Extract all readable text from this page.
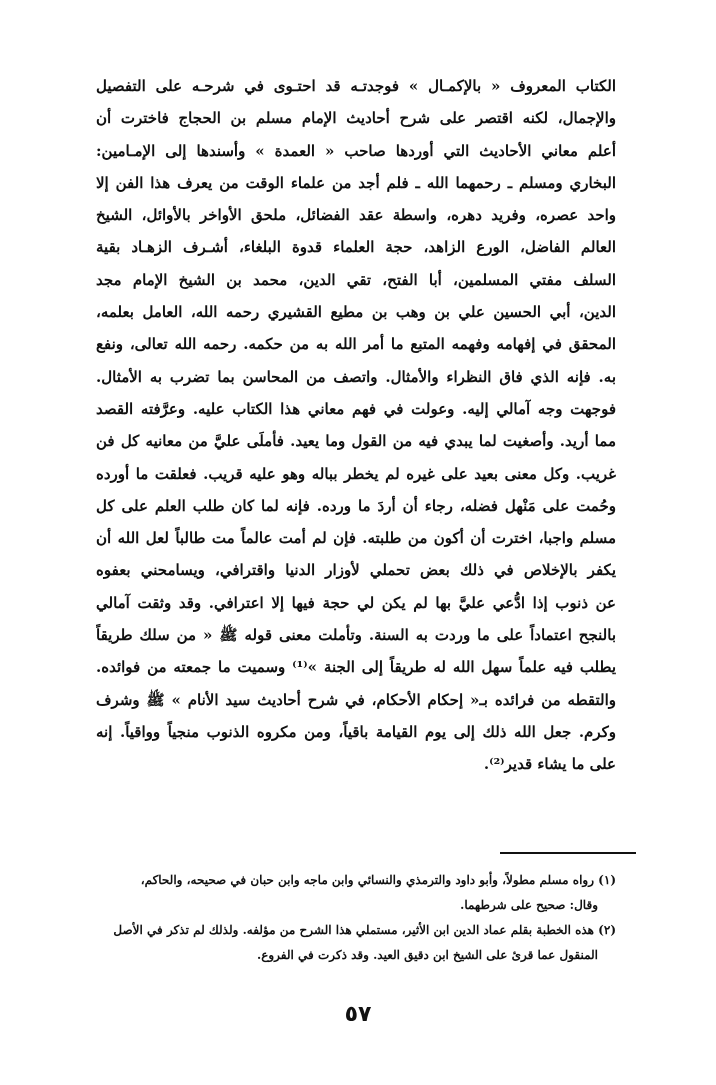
الكتاب المعروف « بالإكمـال » فوجدتـه قد احتـوى في شرحـه على التفصيل
والإجمال، لكنه اقتصر على شرح أحاديث الإمام مسلم بن الحجاج فاخترت أن
أعلم معاني الأحاديث التي أوردها صاحب « العمدة » وأسندها إلى الإمـامين:
البخاري ومسلم ـ رحمهما الله ـ فلم أجد من علماء الوقت من يعرف هذا الفن إلا
واحد عصره، وفريد دهره، واسطة عقد الفضائل، ملحق الأواخر بالأوائل، الشيخ
العالم الفاضل، الورع الزاهد، حجة العلماء قدوة البلغاء، أشـرف الزهـاد بقية
السلف مفتي المسلمين، أبا الفتح، تقي الدين، محمد بن الشيخ الإمام مجد
الدين، أبي الحسين علي بن وهب بن مطيع القشيري رحمه الله، العامل بعلمه،
المحقق في إفهامه وفهمه المتبع ما أمر الله به من حكمه. رحمه الله تعالى، ونفع
به. فإنه الذي فاق النظراء والأمثال. واتصف من المحاسن بما تضرب به الأمثال.
فوجهت وجه آمالي إليه. وعولت في فهم معاني هذا الكتاب عليه. وعرَّفته القصد
مما أريد. وأصغيت لما يبدي فيه من القول وما يعيد. فأملَى عليَّ من معانيه كل فن
غريب. وكل معنى بعيد على غيره لم يخطر بباله وهو عليه قريب. فعلقت ما أورده
وحُمت على مَنْهل فضله، رجاء أن أردَ ما ورده. فإنه لما كان طلب العلم على كل
مسلم واجبا، اخترت أن أكون من طلبته. فإن لم أمت عالماً مت طالباً لعل الله أن
يكفر بالإخلاص في ذلك بعض تحملي لأوزار الدنيا واقترافي، ويسامحني بعفوه
عن ذنوب إذا ادُّعي عليَّ بها لم يكن لي حجة فيها إلا اعترافي. وقد وثقت آمالي
بالنجح اعتماداً على ما وردت به السنة. وتأملت معنى قوله ﷺ « من سلك طريقاً
يطلب فيه علماً سهل الله له طريقاً إلى الجنة »⁽¹⁾ وسميت ما جمعته من فوائده.
والتقطه من فرائده بـ« إحكام الأحكام، في شرح أحاديث سيد الأنام » ﷺ وشرف
وكرم. جعل الله ذلك إلى يوم القيامة باقياً، ومن مكروه الذنوب منجياً وواقياً. إنه
على ما يشاء قدير⁽²⁾.
(١) رواه مسلم مطولاً، وأبو داود والترمذي والنسائي وابن ماجه وابن حبان في صحيحه، والحاكم،
وقال: صحيح على شرطهما.
(٢) هذه الخطبة بقلم عماد الدين ابن الأثير، مستملي هذا الشرح من مؤلفه. ولذلك لم تذكر في الأصل
المنقول عما قرئ على الشيخ ابن دقيق العيد. وقد ذكرت في الفروع.
٥٧
